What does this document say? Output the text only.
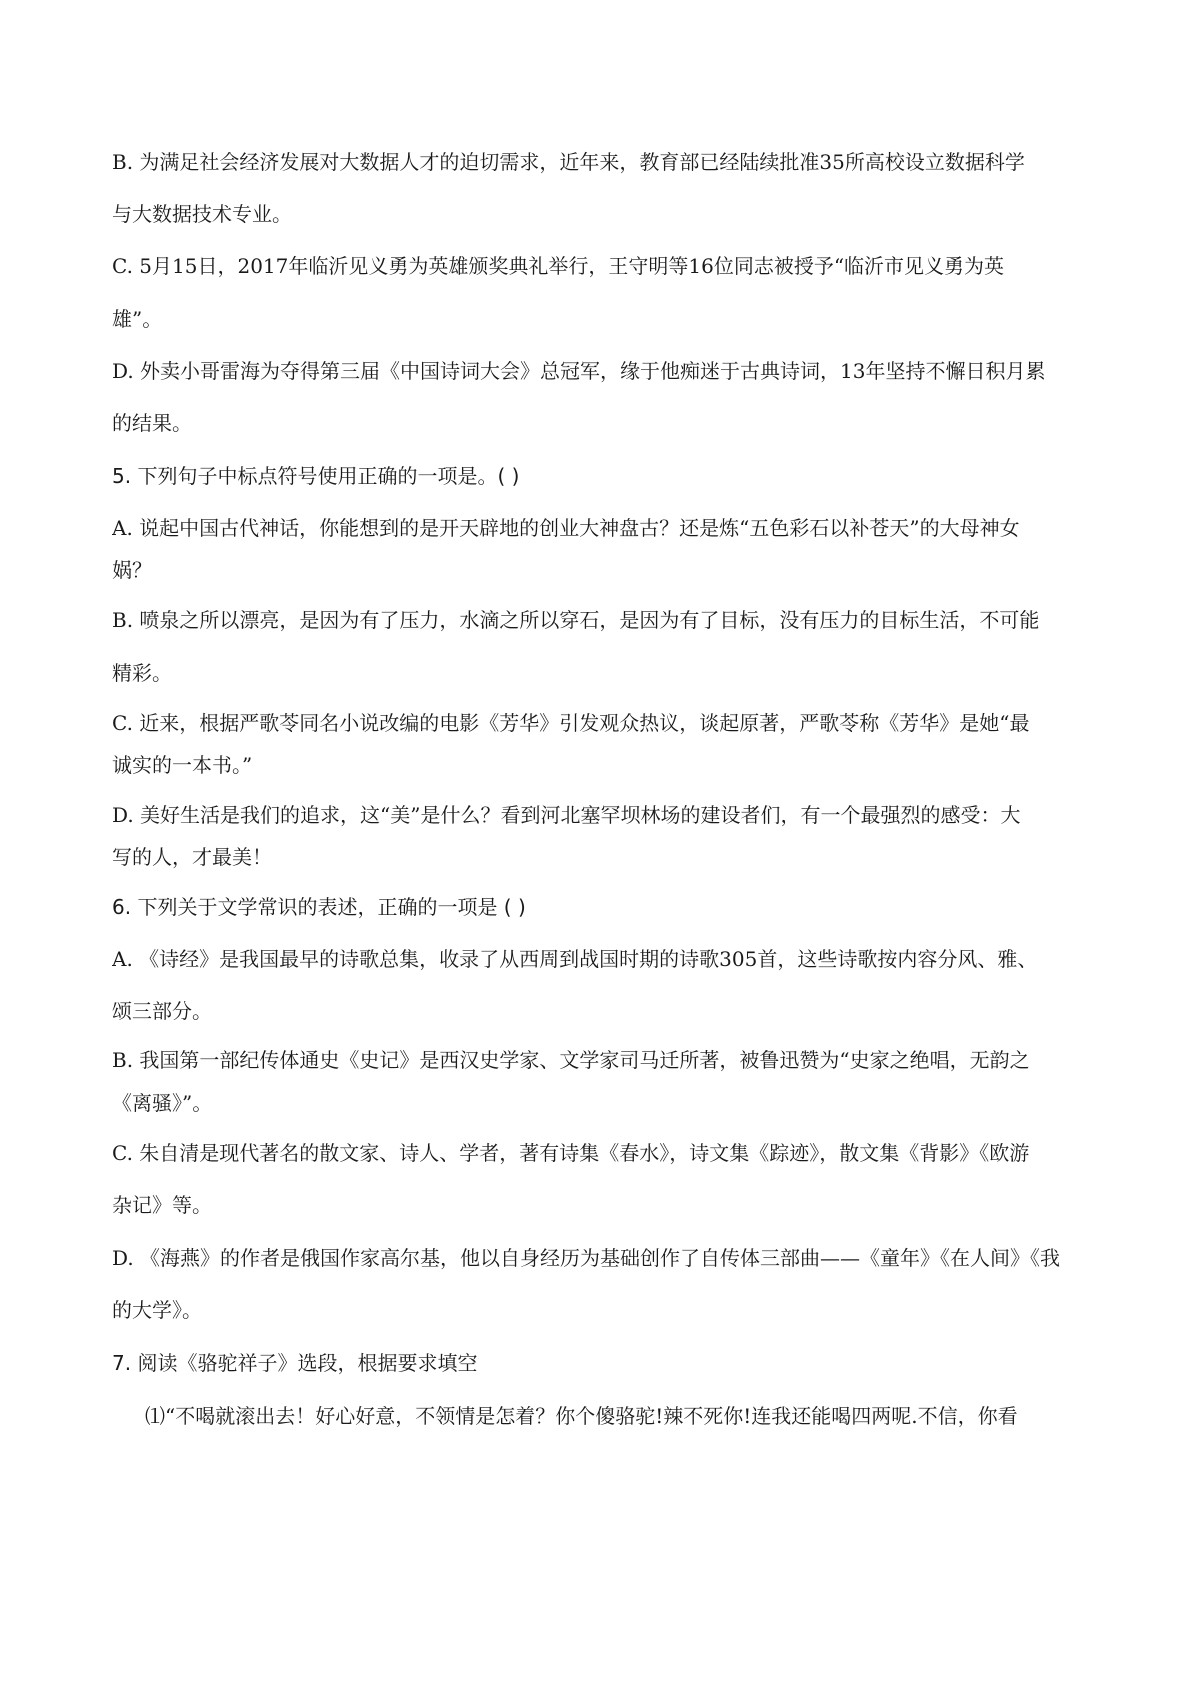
B. 为满足社会经济发展对大数据人才的迫切需求，近年来，教育部已经陆续批准35所高校设立数据科学
与大数据技术专业。
C. 5月15日，2017年临沂见义勇为英雄颁奖典礼举行，王守明等16位同志被授予“临沂市见义勇为英
雄”。
D. 外卖小哥雷海为夺得第三届《中国诗词大会》总冠军，缘于他痴迷于古典诗词，13年坚持不懈日积月累
的结果。
5. 下列句子中标点符号使用正确的一项是。( )
A. 说起中国古代神话，你能想到的是开天辟地的创业大神盘古？还是炼“五色彩石以补苍天”的大母神女
娲？
B. 喷泉之所以漂亮，是因为有了压力，水滴之所以穿石，是因为有了目标，没有压力的目标生活，不可能
精彩。
C. 近来，根据严歌苓同名小说改编的电影《芳华》引发观众热议，谈起原著，严歌苓称《芳华》是她“最
诚实的一本书。”
D. 美好生活是我们的追求，这“美”是什么？看到河北塞罕坝林场的建设者们，有一个最强烈的感受：大
写的人，才最美！
6. 下列关于文学常识的表述，正确的一项是 ( )
A. 《诗经》是我国最早的诗歌总集，收录了从西周到战国时期的诗歌305首，这些诗歌按内容分风、雅、
颂三部分。
B. 我国第一部纪传体通史《史记》是西汉史学家、文学家司马迁所著，被鲁迅赞为“史家之绝唱，无韵之
《离骚》”。
C. 朱自清是现代著名的散文家、诗人、学者，著有诗集《春水》，诗文集《踪迹》，散文集《背影》《欧游
杂记》等。
D. 《海燕》的作者是俄国作家高尔基，他以自身经历为基础创作了自传体三部曲——《童年》《在人间》《我
的大学》。
7. 阅读《骆驼祥子》选段，根据要求填空
⑴“不喝就滚出去！好心好意，不领情是怎着？你个傻骆驼!辣不死你!连我还能喝四两呢.不信，你看
